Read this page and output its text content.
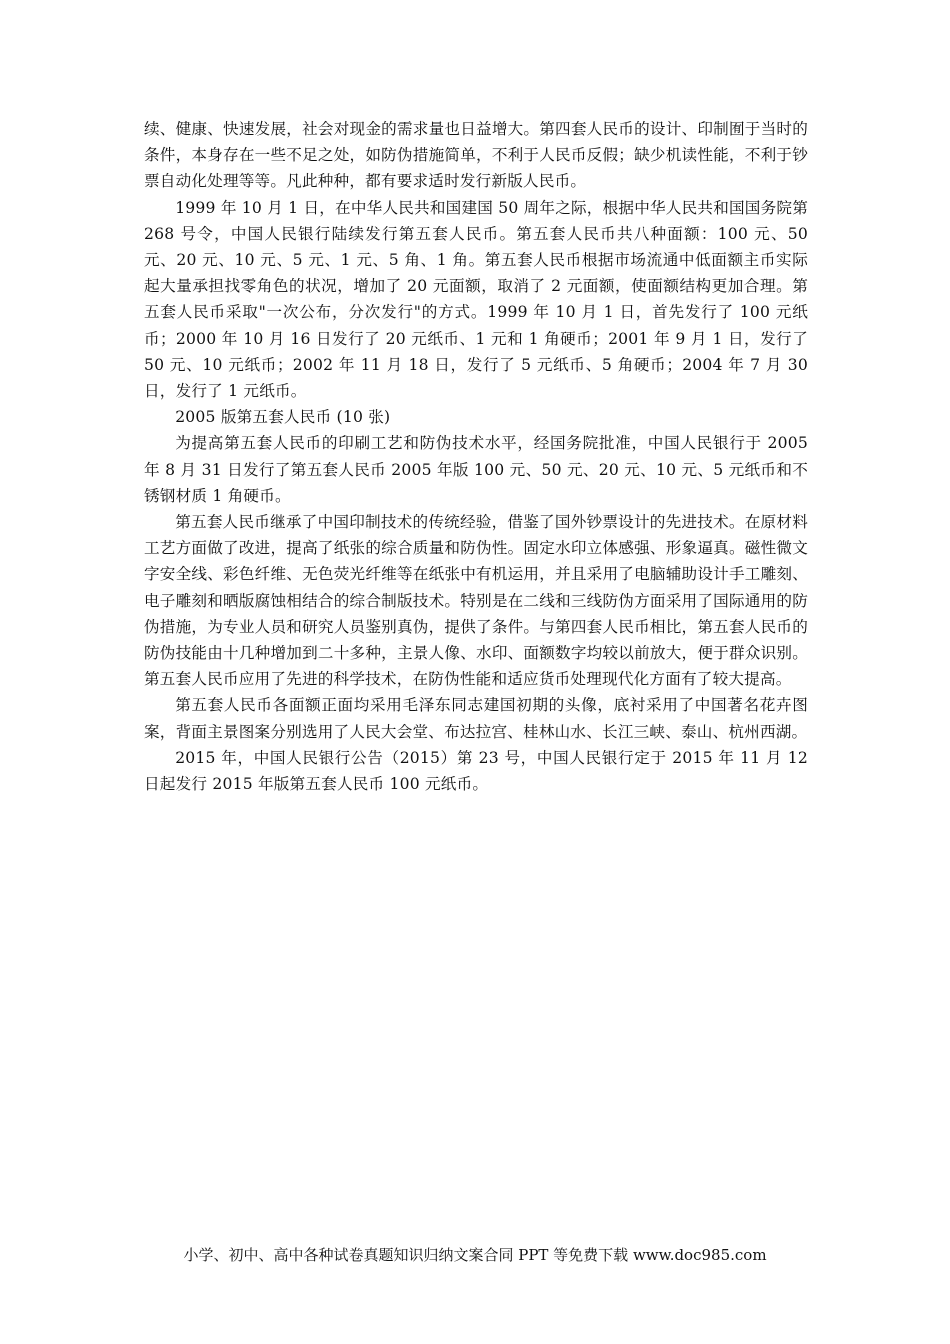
续、健康、快速发展，社会对现金的需求量也日益增大。第四套人民币的设计、印制囿于当时的条件，本身存在一些不足之处，如防伪措施简单，不利于人民币反假；缺少机读性能，不利于钞票自动化处理等等。凡此种种，都有要求适时发行新版人民币。

1999 年 10 月 1 日，在中华人民共和国建国 50 周年之际，根据中华人民共和国国务院第 268 号令，中国人民银行陆续发行第五套人民币。第五套人民币共八种面额：100 元、50 元、20 元、10 元、5 元、1 元、5 角、1 角。第五套人民币根据市场流通中低面额主币实际起大量承担找零角色的状况，增加了 20 元面额，取消了 2 元面额，使面额结构更加合理。第五套人民币采取"一次公布，分次发行"的方式。1999 年 10 月 1 日，首先发行了 100 元纸币；2000 年 10 月 16 日发行了 20 元纸币、1 元和 1 角硬币；2001 年 9 月 1 日，发行了 50 元、10 元纸币；2002 年 11 月 18 日，发行了 5 元纸币、5 角硬币；2004 年 7 月 30 日，发行了 1 元纸币。

2005 版第五套人民币 (10 张)

为提高第五套人民币的印刷工艺和防伪技术水平，经国务院批准，中国人民银行于 2005 年 8 月 31 日发行了第五套人民币 2005 年版 100 元、50 元、20 元、10 元、5 元纸币和不锈钢材质 1 角硬币。

第五套人民币继承了中国印制技术的传统经验，借鉴了国外钞票设计的先进技术。在原材料工艺方面做了改进，提高了纸张的综合质量和防伪性。固定水印立体感强、形象逼真。磁性微文字安全线、彩色纤维、无色荧光纤维等在纸张中有机运用，并且采用了电脑辅助设计手工雕刻、电子雕刻和晒版腐蚀相结合的综合制版技术。特别是在二线和三线防伪方面采用了国际通用的防伪措施，为专业人员和研究人员鉴别真伪，提供了条件。与第四套人民币相比，第五套人民币的防伪技能由十几种增加到二十多种，主景人像、水印、面额数字均较以前放大，便于群众识别。第五套人民币应用了先进的科学技术，在防伪性能和适应货币处理现代化方面有了较大提高。

第五套人民币各面额正面均采用毛泽东同志建国初期的头像，底衬采用了中国著名花卉图案，背面主景图案分别选用了人民大会堂、布达拉宫、桂林山水、长江三峡、泰山、杭州西湖。

2015 年，中国人民银行公告（2015）第 23 号，中国人民银行定于 2015 年 11 月 12 日起发行 2015 年版第五套人民币 100 元纸币。

小学、初中、高中各种试卷真题知识归纳文案合同 PPT 等免费下载 www.doc985.com
